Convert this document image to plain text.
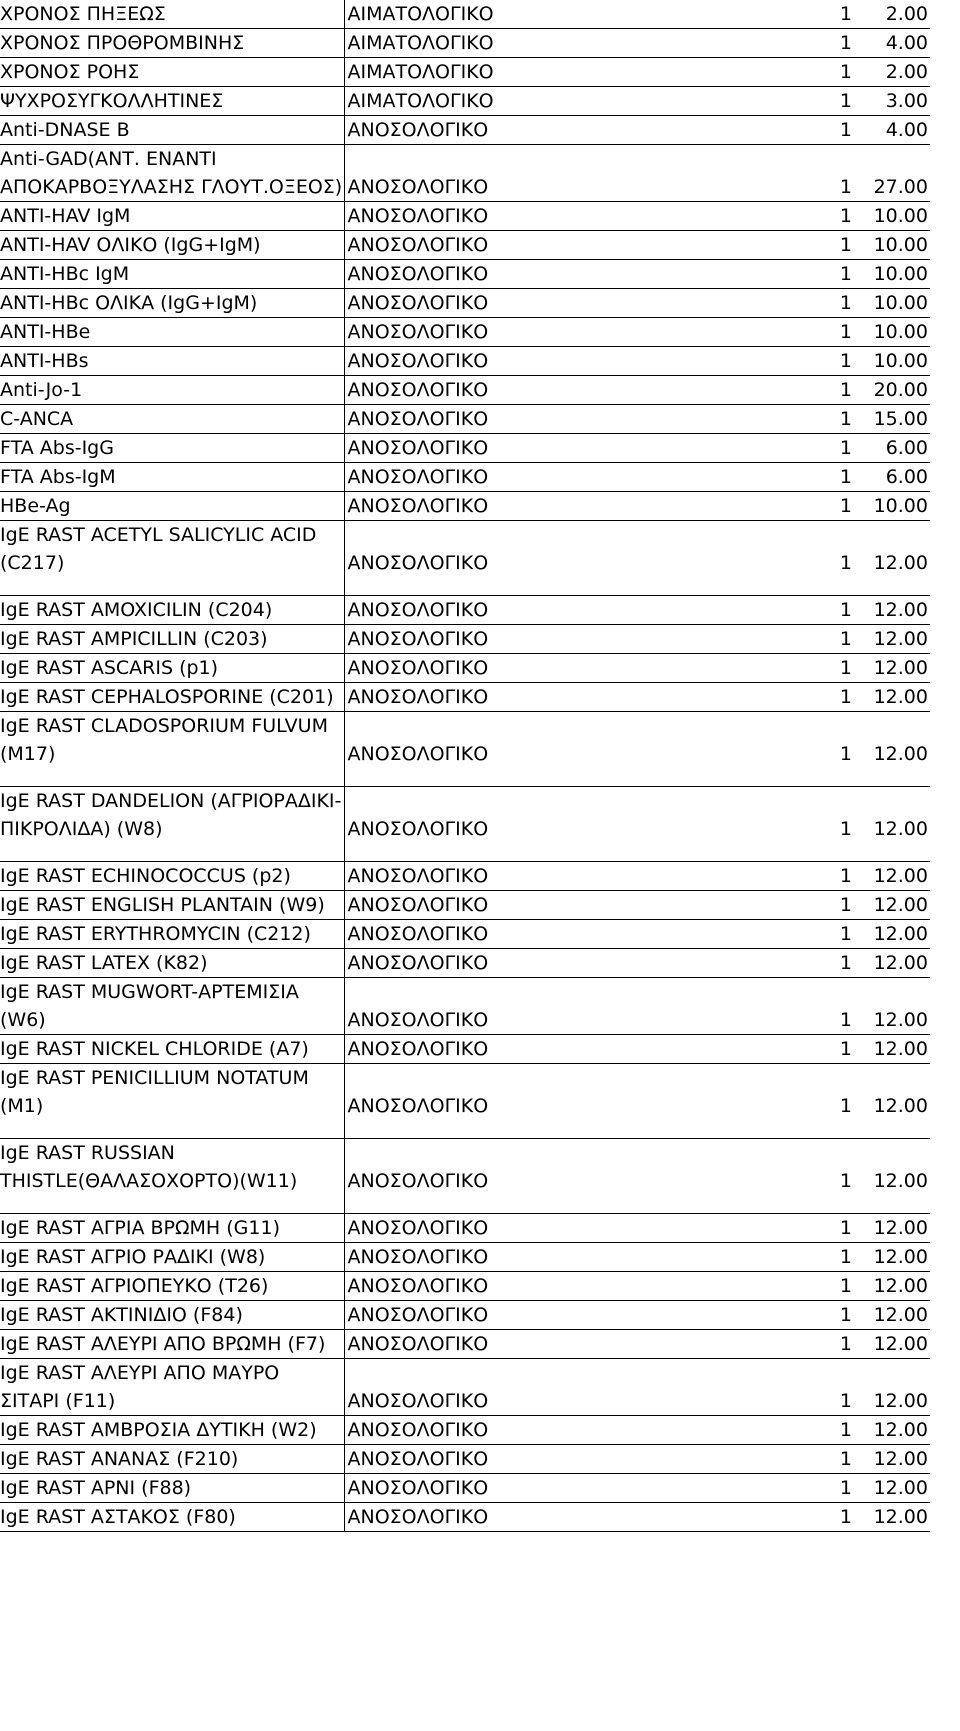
ΧΡΟΝΟΣ ΠΗΞΕΩΣ	ΑΙΜΑΤΟΛΟΓΙΚΟ	1	2.00
ΧΡΟΝΟΣ ΠΡΟΘΡΟΜΒΙΝΗΣ	ΑΙΜΑΤΟΛΟΓΙΚΟ	1	4.00
ΧΡΟΝΟΣ ΡΟΗΣ	ΑΙΜΑΤΟΛΟΓΙΚΟ	1	2.00
ΨΥΧΡΟΣΥΓΚΟΛΛΗΤΙΝΕΣ	ΑΙΜΑΤΟΛΟΓΙΚΟ	1	3.00
Anti-DNASE B	ΑΝΟΣΟΛΟΓΙΚΟ	1	4.00
Anti-GAD(ΑΝΤ. ΕΝΑΝΤΙ ΑΠΟΚΑΡΒΟΞΥΛΑΣΗΣ ΓΛΟΥΤ.ΟΞΕΟΣ)	ΑΝΟΣΟΛΟΓΙΚΟ	1	27.00
ANTI-HAV IgM	ΑΝΟΣΟΛΟΓΙΚΟ	1	10.00
ANTI-HAV ΟΛΙΚΟ (IgG+IgM)	ΑΝΟΣΟΛΟΓΙΚΟ	1	10.00
ANTI-HBc IgM	ΑΝΟΣΟΛΟΓΙΚΟ	1	10.00
ANTI-HBc ΟΛΙΚΑ (IgG+IgM)	ΑΝΟΣΟΛΟΓΙΚΟ	1	10.00
ANTI-HBe	ΑΝΟΣΟΛΟΓΙΚΟ	1	10.00
ANTI-HBs	ΑΝΟΣΟΛΟΓΙΚΟ	1	10.00
Anti-Jo-1	ΑΝΟΣΟΛΟΓΙΚΟ	1	20.00
C-ANCA	ΑΝΟΣΟΛΟΓΙΚΟ	1	15.00
FTA Abs-IgG	ΑΝΟΣΟΛΟΓΙΚΟ	1	6.00
FTA Abs-IgM	ΑΝΟΣΟΛΟΓΙΚΟ	1	6.00
HBe-Ag	ΑΝΟΣΟΛΟΓΙΚΟ	1	10.00
IgE RAST ACETYL SALICYLIC ACID (C217)	ΑΝΟΣΟΛΟΓΙΚΟ	1	12.00
IgE RAST AMOXICILIN (C204)	ΑΝΟΣΟΛΟΓΙΚΟ	1	12.00
IgE RAST AMPICILLIN (C203)	ΑΝΟΣΟΛΟΓΙΚΟ	1	12.00
IgE RAST ASCARIS (p1)	ΑΝΟΣΟΛΟΓΙΚΟ	1	12.00
IgE RAST CEPHALOSPORINE (C201)	ΑΝΟΣΟΛΟΓΙΚΟ	1	12.00
IgE RAST CLADOSPORIUM FULVUM (M17)	ΑΝΟΣΟΛΟΓΙΚΟ	1	12.00
IgE RAST DANDELION (ΑΓΡΙΟΡΑΔΙΚΙ-ΠΙΚΡΟΛΙΔΑ) (W8)	ΑΝΟΣΟΛΟΓΙΚΟ	1	12.00
IgE RAST ECHINOCOCCUS (p2)	ΑΝΟΣΟΛΟΓΙΚΟ	1	12.00
IgE RAST ENGLISH PLANTAIN (W9)	ΑΝΟΣΟΛΟΓΙΚΟ	1	12.00
IgE RAST ERYTHROMYCIN (C212)	ΑΝΟΣΟΛΟΓΙΚΟ	1	12.00
IgE RAST LATEX (K82)	ΑΝΟΣΟΛΟΓΙΚΟ	1	12.00
IgE RAST MUGWORT-ΑΡΤΕΜΙΣΙΑ (W6)	ΑΝΟΣΟΛΟΓΙΚΟ	1	12.00
IgE RAST NICKEL CHLORIDE (A7)	ΑΝΟΣΟΛΟΓΙΚΟ	1	12.00
IgE RAST PENICILLIUM NOTATUM (M1)	ΑΝΟΣΟΛΟΓΙΚΟ	1	12.00
IgE RAST RUSSIAN THISTLE(ΘΑΛΑΣΟΧΟΡΤΟ)(W11)	ΑΝΟΣΟΛΟΓΙΚΟ	1	12.00
IgE RAST ΑΓΡΙΑ ΒΡΩΜΗ (G11)	ΑΝΟΣΟΛΟΓΙΚΟ	1	12.00
IgE RAST ΑΓΡΙΟ ΡΑΔΙΚΙ (W8)	ΑΝΟΣΟΛΟΓΙΚΟ	1	12.00
IgE RAST ΑΓΡΙΟΠΕΥΚΟ (T26)	ΑΝΟΣΟΛΟΓΙΚΟ	1	12.00
IgE RAST ΑΚΤΙΝΙΔΙΟ (F84)	ΑΝΟΣΟΛΟΓΙΚΟ	1	12.00
IgE RAST ΑΛΕΥΡΙ ΑΠΟ ΒΡΩΜΗ (F7)	ΑΝΟΣΟΛΟΓΙΚΟ	1	12.00
IgE RAST ΑΛΕΥΡΙ ΑΠΟ ΜΑΥΡΟ ΣΙΤΑΡΙ (F11)	ΑΝΟΣΟΛΟΓΙΚΟ	1	12.00
IgE RAST ΑΜΒΡΟΣΙΑ ΔΥΤΙΚΗ (W2)	ΑΝΟΣΟΛΟΓΙΚΟ	1	12.00
IgE RAST ΑΝΑΝΑΣ (F210)	ΑΝΟΣΟΛΟΓΙΚΟ	1	12.00
IgE RAST ΑΡΝΙ (F88)	ΑΝΟΣΟΛΟΓΙΚΟ	1	12.00
IgE RAST ΑΣΤΑΚΟΣ (F80)	ΑΝΟΣΟΛΟΓΙΚΟ	1	12.00
